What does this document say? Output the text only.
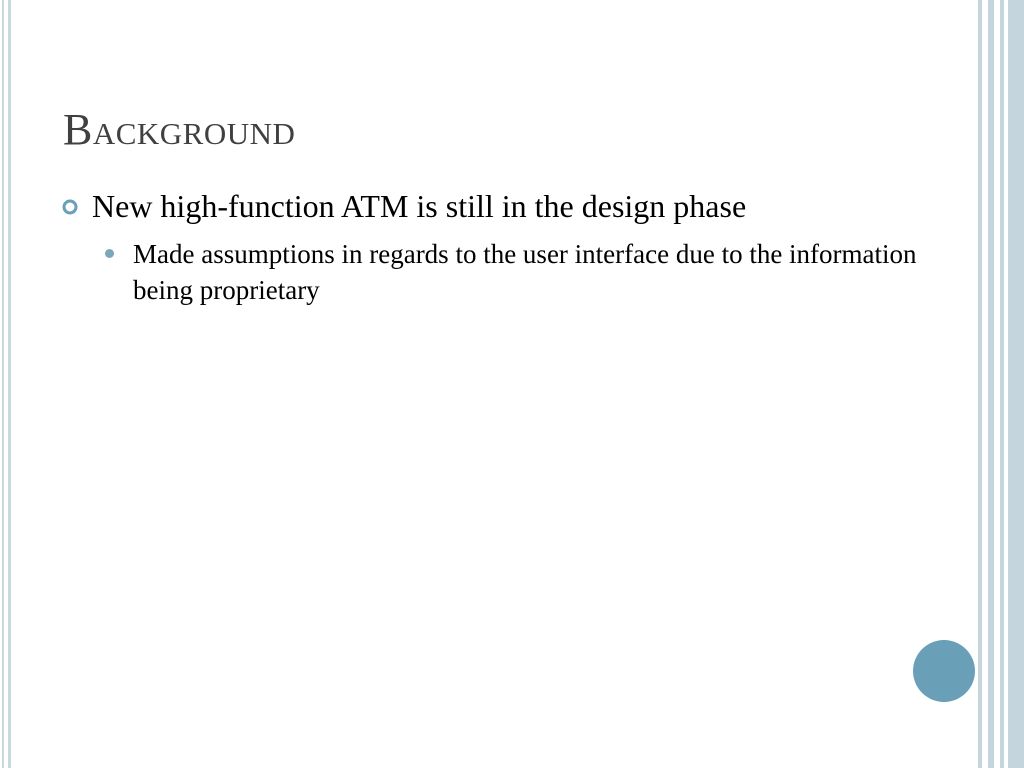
Background
New high-function ATM is still in the design phase
Made assumptions in regards to the user interface due to the information being proprietary
